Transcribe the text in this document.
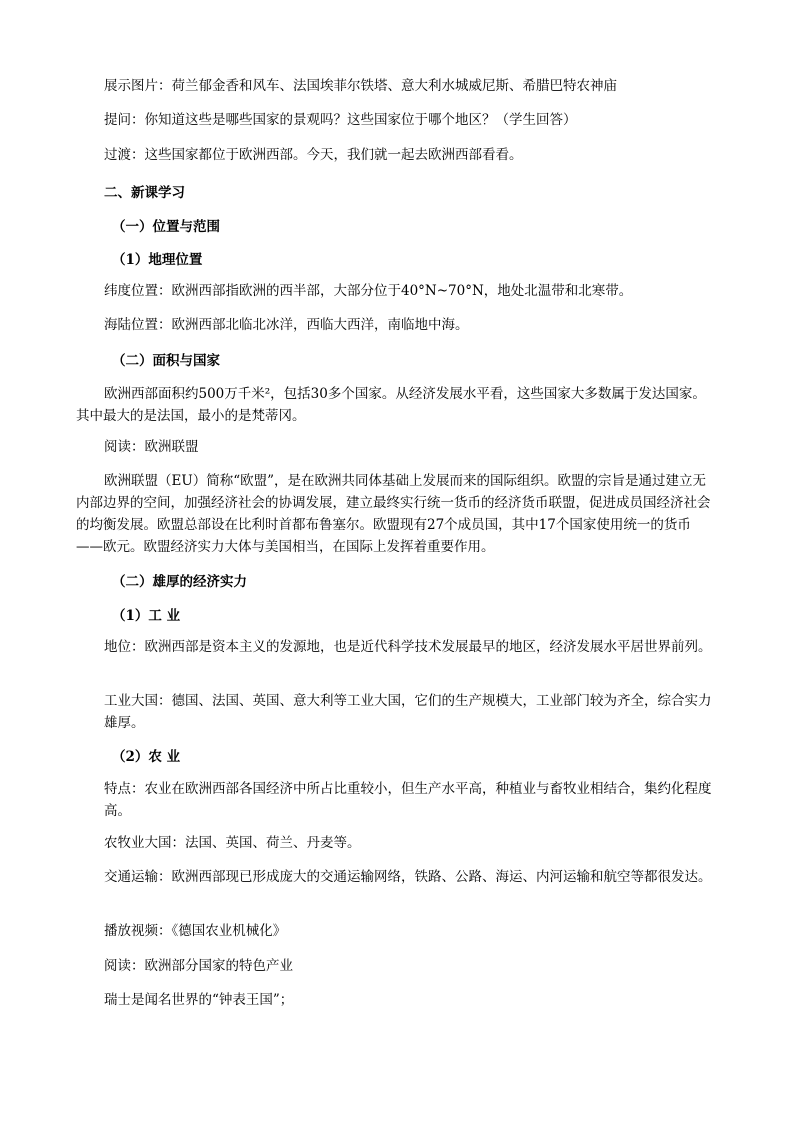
展示图片：荷兰郁金香和风车、法国埃菲尔铁塔、意大利水城威尼斯、希腊巴特农神庙
提问：你知道这些是哪些国家的景观吗？这些国家位于哪个地区？（学生回答）
过渡：这些国家都位于欧洲西部。今天，我们就一起去欧洲西部看看。
二、新课学习
（一）位置与范围
（1）地理位置
纬度位置：欧洲西部指欧洲的西半部，大部分位于40°N~70°N，地处北温带和北寒带。
海陆位置：欧洲西部北临北冰洋，西临大西洋，南临地中海。
（二）面积与国家
欧洲西部面积约500万千米²，包括30多个国家。从经济发展水平看，这些国家大多数属于发达国家。其中最大的是法国，最小的是梵蒂冈。
阅读：欧洲联盟
欧洲联盟（EU）简称“欧盟”，是在欧洲共同体基础上发展而来的国际组织。欧盟的宗旨是通过建立无内部边界的空间，加强经济社会的协调发展，建立最终实行统一货币的经济货币联盟，促进成员国经济社会的均衡发展。欧盟总部设在比利时首都布鲁塞尔。欧盟现有27个成员国，其中17个国家使用统一的货币——欧元。欧盟经济实力大体与美国相当，在国际上发挥着重要作用。
（二）雄厚的经济实力
（1）工 业
地位：欧洲西部是资本主义的发源地，也是近代科学技术发展最早的地区，经济发展水平居世界前列。
工业大国：德国、法国、英国、意大利等工业大国，它们的生产规模大，工业部门较为齐全，综合实力雄厚。
（2）农 业
特点：农业在欧洲西部各国经济中所占比重较小，但生产水平高，种植业与畜牧业相结合，集约化程度高。
农牧业大国：法国、英国、荷兰、丹麦等。
交通运输：欧洲西部现已形成庞大的交通运输网络，铁路、公路、海运、内河运输和航空等都很发达。
播放视频：《德国农业机械化》
阅读：欧洲部分国家的特色产业
瑞士是闻名世界的“钟表王国”；
